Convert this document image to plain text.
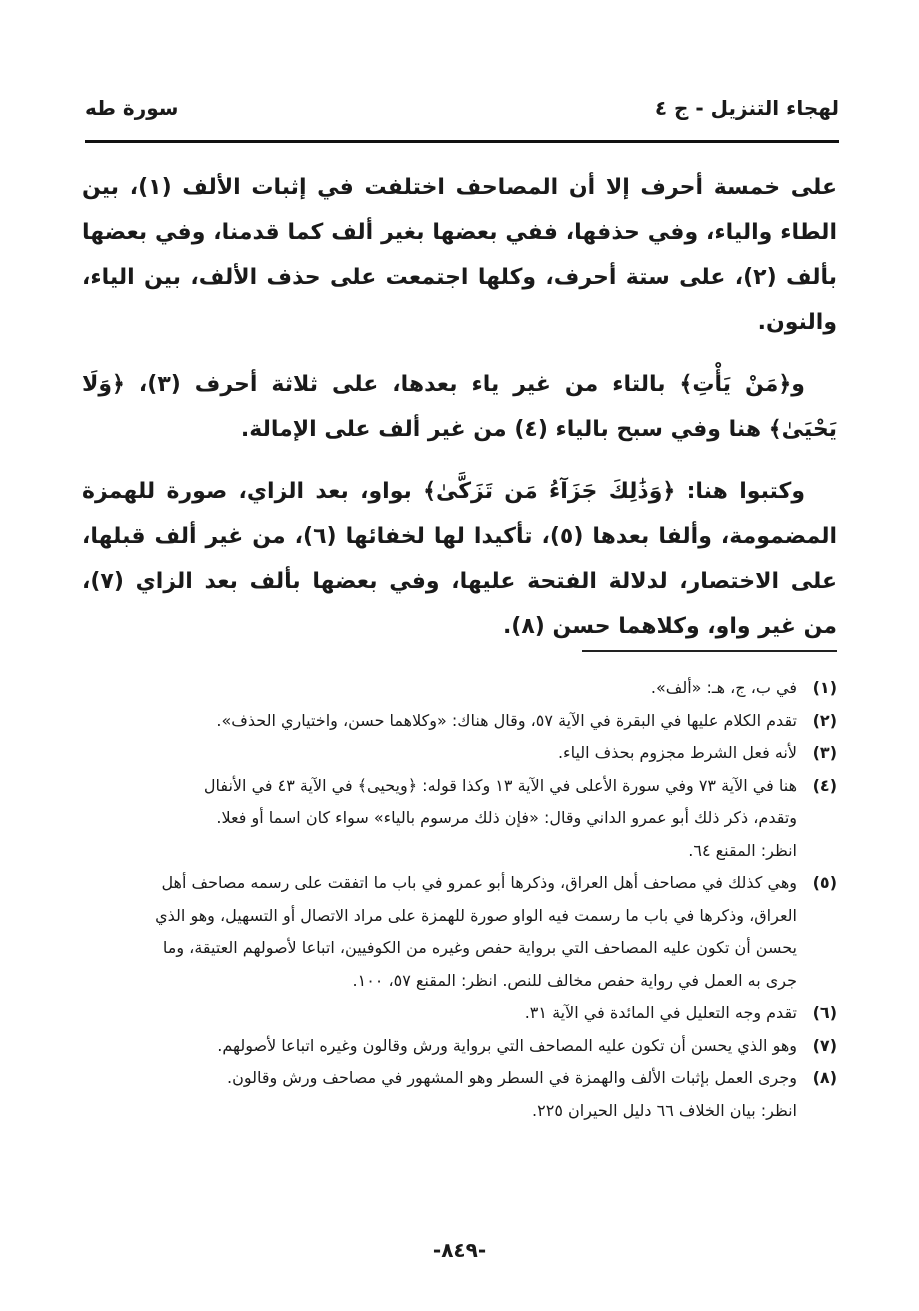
لهجاء التنزيل - ج ٤
سورة طه

على خمسة أحرف إلا أن المصاحف اختلفت في إثبات الألف (١)، بين الطاء والياء، وفي حذفها، ففي بعضها بغير ألف كما قدمنا، وفي بعضها بألف (٢)، على ستة أحرف، وكلها اجتمعت على حذف الألف، بين الياء، والنون.

و﴿مَنْ يَأْتِ﴾ بالتاء من غير ياء بعدها، على ثلاثة أحرف (٣)، ﴿وَلَا يَحْيَىٰ﴾ هنا وفي سبح بالياء (٤) من غير ألف على الإمالة.

وكتبوا هنا: ﴿وَذَٰلِكَ جَزَآءُ مَن تَزَكَّىٰ﴾ بواو، بعد الزاي، صورة للهمزة المضمومة، وألفا بعدها (٥)، تأكيدا لها لخفائها (٦)، من غير ألف قبلها، على الاختصار، لدلالة الفتحة عليها، وفي بعضها بألف بعد الزاي (٧)، من غير واو، وكلاهما حسن (٨).

(١)
في ب، ج، هـ: «ألف».
(٢)
تقدم الكلام عليها في البقرة في الآية ٥٧، وقال هناك: «وكلاهما حسن، واختياري الحذف».
(٣)
لأنه فعل الشرط مجزوم بحذف الياء.
(٤)
هنا في الآية ٧٣ وفي سورة الأعلى في الآية ١٣ وكذا قوله: ﴿ويحيى﴾ في الآية ٤٣ في الأنفال
وتقدم، ذكر ذلك أبو عمرو الداني وقال: «فإن ذلك مرسوم بالياء» سواء كان اسما أو فعلا.
انظر: المقنع ٦٤.
(٥)
وهي كذلك في مصاحف أهل العراق، وذكرها أبو عمرو في باب ما اتفقت على رسمه مصاحف أهل
العراق، وذكرها في باب ما رسمت فيه الواو صورة للهمزة على مراد الاتصال أو التسهيل، وهو الذي
يحسن أن تكون عليه المصاحف التي برواية حفص وغيره من الكوفيين، اتباعا لأصولهم العتيقة، وما
جرى به العمل في رواية حفص مخالف للنص. انظر: المقنع ٥٧، ١٠٠.
(٦)
تقدم وجه التعليل في المائدة في الآية ٣١.
(٧)
وهو الذي يحسن أن تكون عليه المصاحف التي برواية ورش وقالون وغيره اتباعا لأصولهم.
(٨)
وجرى العمل بإثبات الألف والهمزة في السطر وهو المشهور في مصاحف ورش وقالون.
انظر: بيان الخلاف ٦٦ دليل الحيران ٢٢٥.
-٨٤٩-
